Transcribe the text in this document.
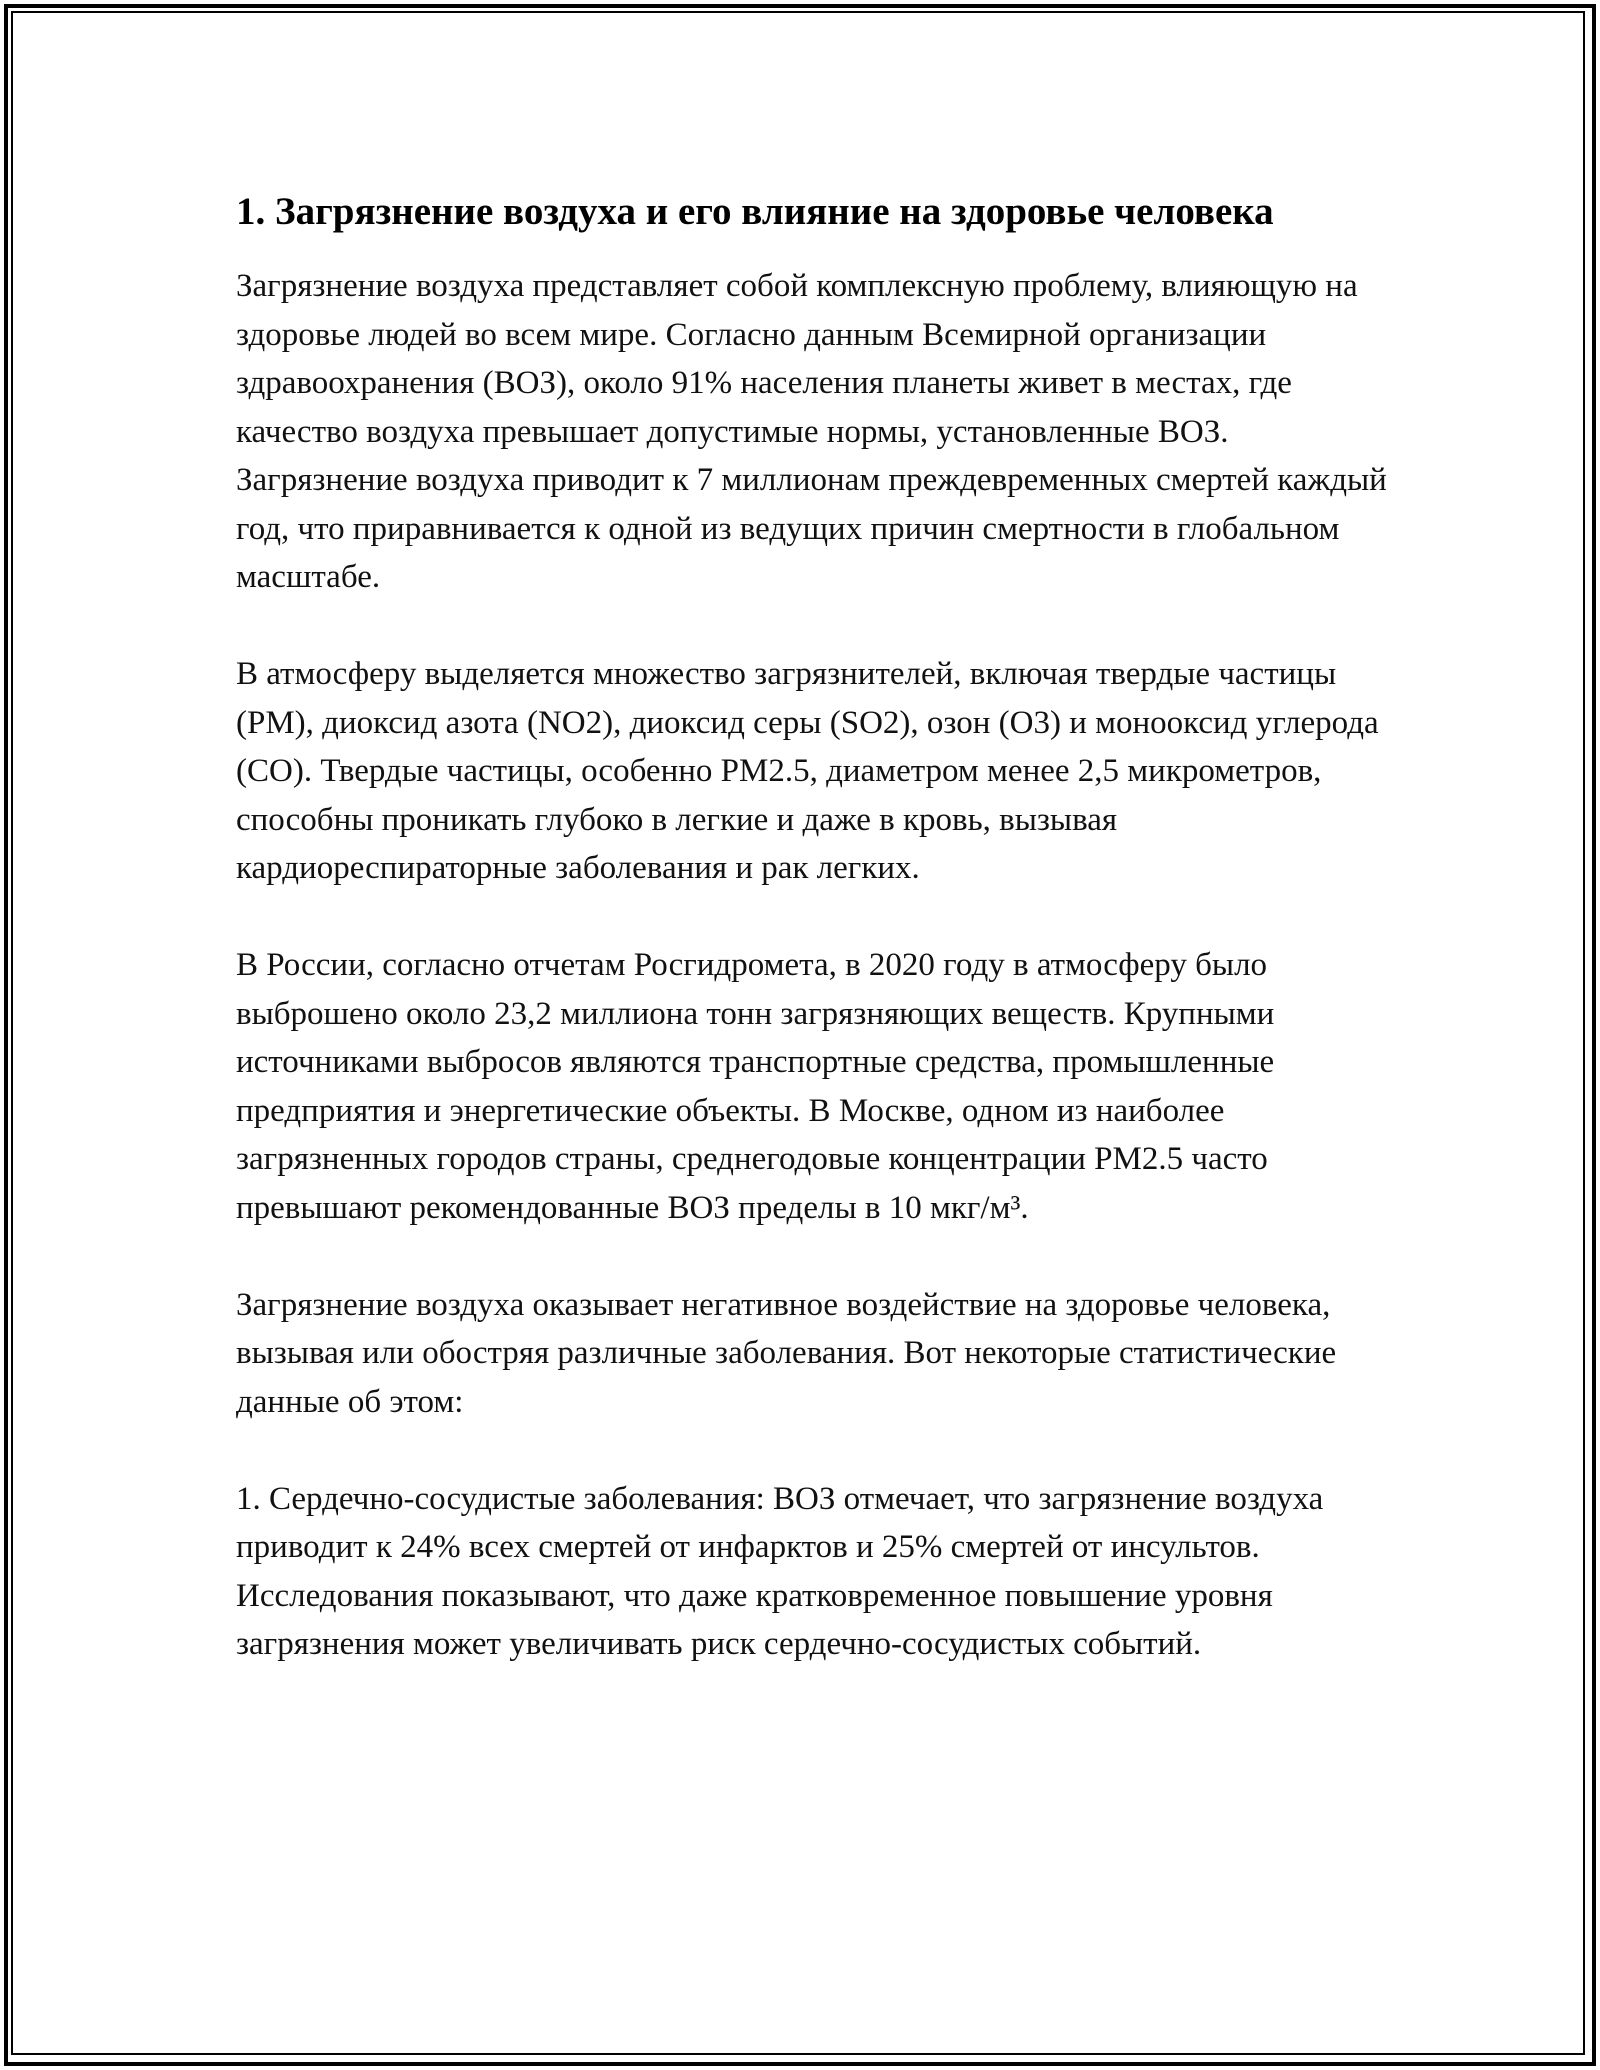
1. Загрязнение воздуха и его влияние на здоровье человека

Загрязнение воздуха представляет собой комплексную проблему, влияющую на здоровье людей во всем мире. Согласно данным Всемирной организации здравоохранения (ВОЗ), около 91% населения планеты живет в местах, где качество воздуха превышает допустимые нормы, установленные ВОЗ. Загрязнение воздуха приводит к 7 миллионам преждевременных смертей каждый год, что приравнивается к одной из ведущих причин смертности в глобальном масштабе.

В атмосферу выделяется множество загрязнителей, включая твердые частицы (PM), диоксид азота (NO2), диоксид серы (SO2), озон (O3) и монооксид углерода (CO). Твердые частицы, особенно PM2.5, диаметром менее 2,5 микрометров, способны проникать глубоко в легкие и даже в кровь, вызывая кардиореспираторные заболевания и рак легких.

В России, согласно отчетам Росгидромета, в 2020 году в атмосферу было выброшено около 23,2 миллиона тонн загрязняющих веществ. Крупными источниками выбросов являются транспортные средства, промышленные предприятия и энергетические объекты. В Москве, одном из наиболее загрязненных городов страны, среднегодовые концентрации PM2.5 часто превышают рекомендованные ВОЗ пределы в 10 мкг/м³.

Загрязнение воздуха оказывает негативное воздействие на здоровье человека, вызывая или обостряя различные заболевания. Вот некоторые статистические данные об этом:

1. Сердечно-сосудистые заболевания: ВОЗ отмечает, что загрязнение воздуха приводит к 24% всех смертей от инфарктов и 25% смертей от инсультов. Исследования показывают, что даже кратковременное повышение уровня загрязнения может увеличивать риск сердечно-сосудистых событий.
